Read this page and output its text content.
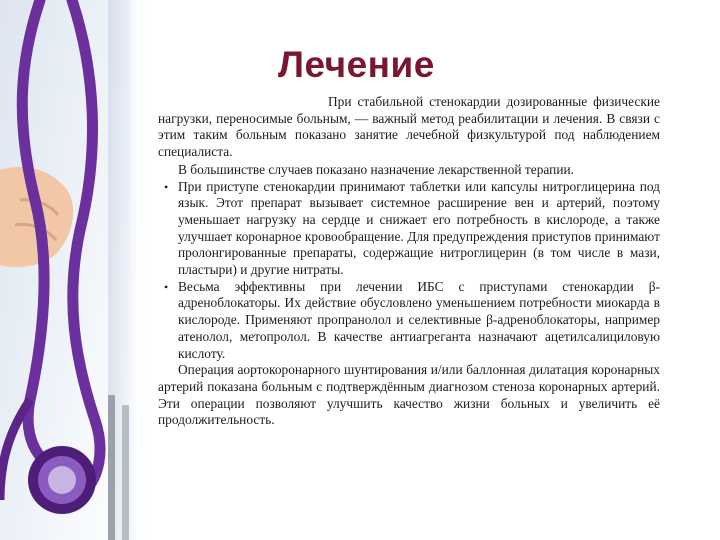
Лечение

При стабильной стенокардии дозированные физические нагрузки, переносимые больным, — важный метод реабилитации и лечения. В связи с этим таким больным показано занятие лечебной физкультурой под наблюдением специалиста.

В большинстве случаев показано назначение лекарственной терапии.

• При приступе стенокардии принимают таблетки или капсулы нитроглицерина под язык. Этот препарат вызывает системное расширение вен и артерий, поэтому уменьшает нагрузку на сердце и снижает его потребность в кислороде, а также улучшает коронарное кровообращение. Для предупреждения приступов принимают пролонгированные препараты, содержащие нитроглицерин (в том числе в мази, пластыри) и другие нитраты.
• Весьма эффективны при лечении ИБС с приступами стенокардии β-адреноблокаторы. Их действие обусловлено уменьшением потребности миокарда в кислороде. Применяют пропранолол и селективные β-адреноблокаторы, например атенолол, метопролол. В качестве антиагреганта назначают ацетилсалициловую кислоту.

Операция аортокоронарного шунтирования и/или баллонная дилатация коронарных артерий показана больным с подтверждённым диагнозом стеноза коронарных артерий. Эти операции позволяют улучшить качество жизни больных и увеличить её продолжительность.
